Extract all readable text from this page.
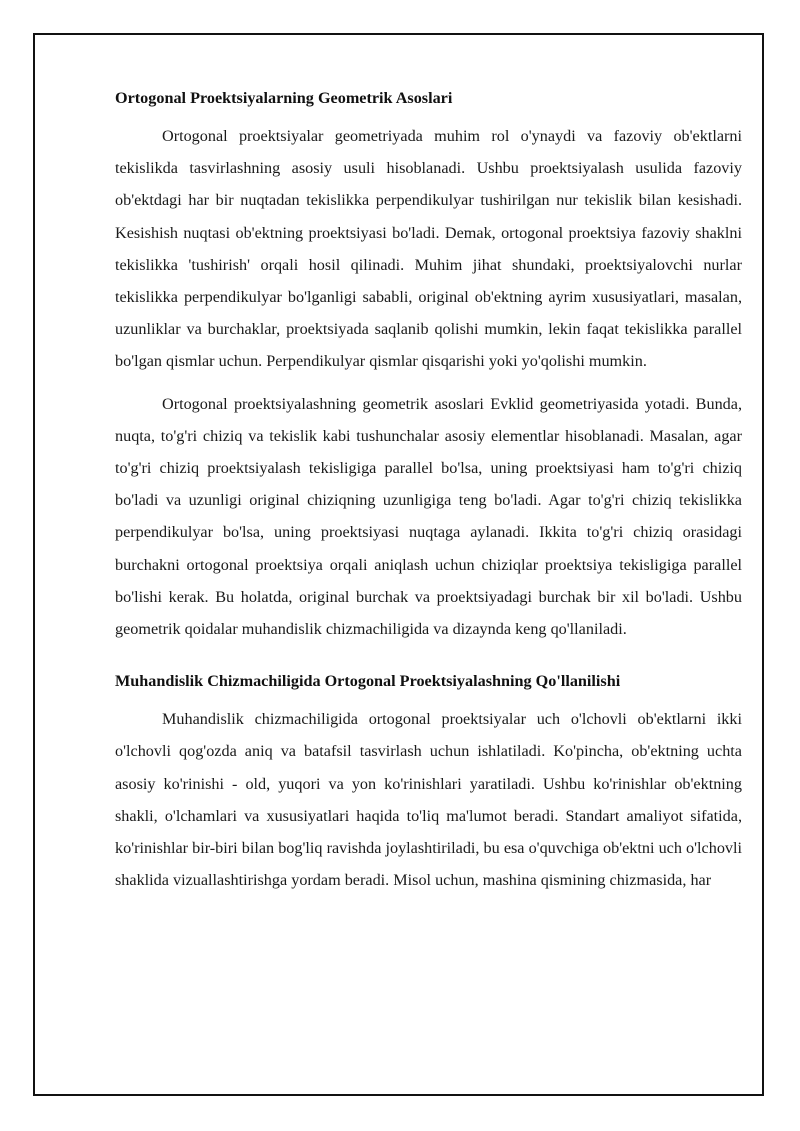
Ortogonal Proektsiyalarning Geometrik Asoslari

Ortogonal proektsiyalar geometriyada muhim rol o'ynaydi va fazoviy ob'ektlarni tekislikda tasvirlashning asosiy usuli hisoblanadi. Ushbu proektsiyalash usulida fazoviy ob'ektdagi har bir nuqtadan tekislikka perpendikulyar tushirilgan nur tekislik bilan kesishadi. Kesishish nuqtasi ob'ektning proektsiyasi bo'ladi. Demak, ortogonal proektsiya fazoviy shaklni tekislikka 'tushirish' orqali hosil qilinadi. Muhim jihat shundaki, proektsiyalovchi nurlar tekislikka perpendikulyar bo'lganligi sababli, original ob'ektning ayrim xususiyatlari, masalan, uzunliklar va burchaklar, proektsiyada saqlanib qolishi mumkin, lekin faqat tekislikka parallel bo'lgan qismlar uchun. Perpendikulyar qismlar qisqarishi yoki yo'qolishi mumkin.

Ortogonal proektsiyalashning geometrik asoslari Evklid geometriyasida yotadi. Bunda, nuqta, to'g'ri chiziq va tekislik kabi tushunchalar asosiy elementlar hisoblanadi. Masalan, agar to'g'ri chiziq proektsiyalash tekisligiga parallel bo'lsa, uning proektsiyasi ham to'g'ri chiziq bo'ladi va uzunligi original chiziqning uzunligiga teng bo'ladi. Agar to'g'ri chiziq tekislikka perpendikulyar bo'lsa, uning proektsiyasi nuqtaga aylanadi. Ikkita to'g'ri chiziq orasidagi burchakni ortogonal proektsiya orqali aniqlash uchun chiziqlar proektsiya tekisligiga parallel bo'lishi kerak. Bu holatda, original burchak va proektsiyadagi burchak bir xil bo'ladi. Ushbu geometrik qoidalar muhandislik chizmachiligida va dizaynda keng qo'llaniladi.

Muhandislik Chizmachiligida Ortogonal Proektsiyalashning Qo'llanilishi

Muhandislik chizmachiligida ortogonal proektsiyalar uch o'lchovli ob'ektlarni ikki o'lchovli qog'ozda aniq va batafsil tasvirlash uchun ishlatiladi. Ko'pincha, ob'ektning uchta asosiy ko'rinishi - old, yuqori va yon ko'rinishlari yaratiladi. Ushbu ko'rinishlar ob'ektning shakli, o'lchamlari va xususiyatlari haqida to'liq ma'lumot beradi. Standart amaliyot sifatida, ko'rinishlar bir-biri bilan bog'liq ravishda joylashtiriladi, bu esa o'quvchiga ob'ektni uch o'lchovli shaklida vizuallashtirishga yordam beradi. Misol uchun, mashina qismining chizmasida, har
